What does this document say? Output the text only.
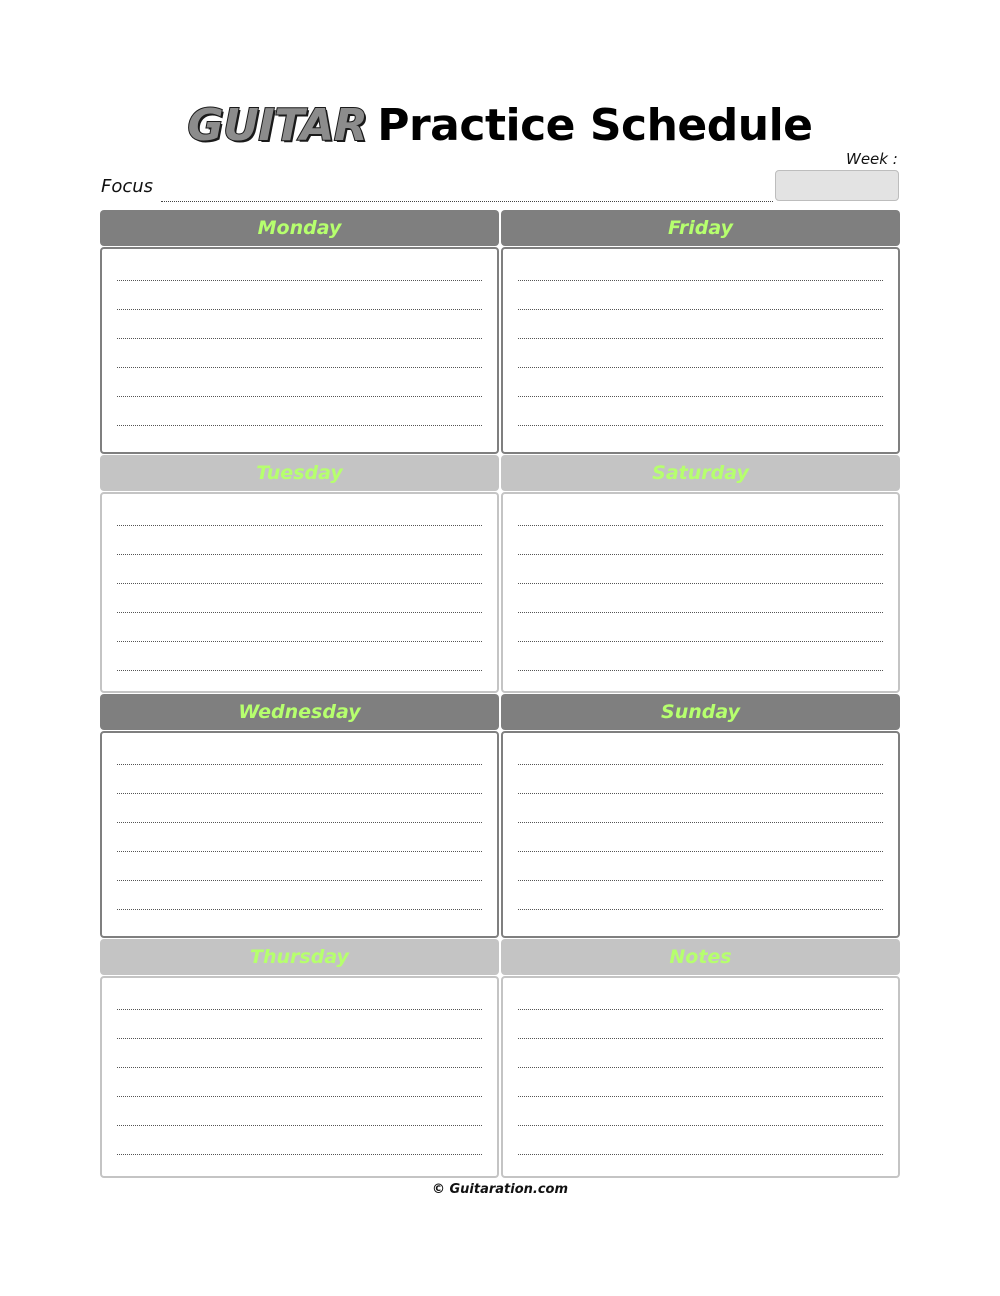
GUITAR Practice Schedule
Week :
Focus
Monday	Friday
Tuesday	Saturday
Wednesday	Sunday
Thursday	Notes
© Guitaration.com
